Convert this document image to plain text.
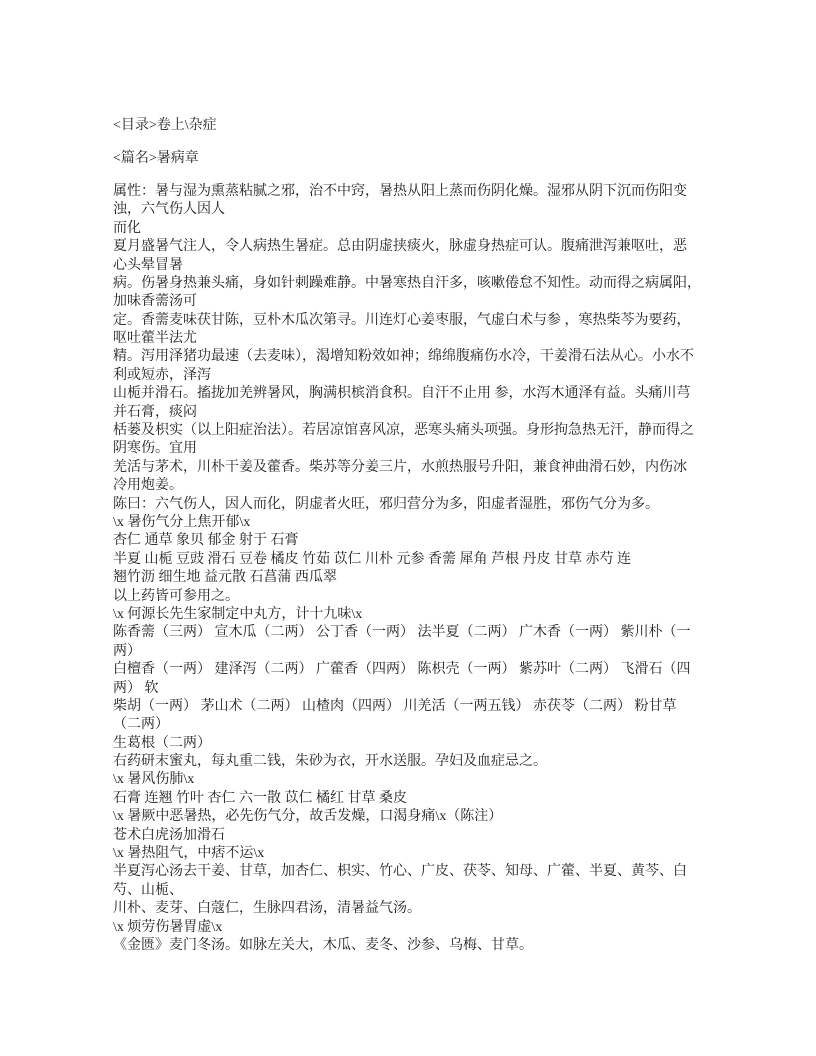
<目录>卷上\杂症
<篇名>暑病章
属性：暑与湿为熏蒸粘腻之邪，治不中窍，暑热从阳上蒸而伤阴化燥。湿邪从阴下沉而伤阳变
浊，六气伤人因人
而化
夏月盛暑气注人，令人病热生暑症。总由阴虚挟痰火，脉虚身热症可认。腹痛泄泻兼呕吐，恶
心头晕冒暑
病。伤暑身热兼头痛，身如针刺躁难静。中暑寒热自汗多，咳嗽倦怠不知性。动而得之病属阳，
加味香薷汤可
定。香薷麦味茯甘陈，豆朴木瓜次第寻。川连灯心姜枣服，气虚白术与参 ，寒热柴芩为要药，
呕吐藿半法尤
精。泻用泽猪功最速（去麦味），渴增知粉效如神；绵绵腹痛伤水冷，干姜滑石法从心。小水不
利或短赤，泽泻
山栀并滑石。搐拢加羌辨暑风，胸满枳槟消食积。自汗不止用 参，水泻木通泽有益。头痛川芎
并石膏，痰闷
栝蒌及枳实（以上阳症治法）。若居凉馆喜风凉，恶寒头痛头项强。身形拘急热无汗，静而得之
阴寒伤。宜用
羌活与茅术，川朴干姜及藿香。柴苏等分姜三片，水煎热服号升阳，兼食神曲滑石妙，内伤冰
冷用炮姜。
陈曰：六气伤人，因人而化，阴虚者火旺，邪归营分为多，阳虚者湿胜，邪伤气分为多。
\x 暑伤气分上焦开郁\x
杏仁 通草 象贝 郁金 射于 石膏
半夏 山栀 豆豉 滑石 豆卷 橘皮 竹茹 苡仁 川朴 元参 香薷 犀角 芦根 丹皮 甘草 赤芍 连
翘竹沥 细生地 益元散 石菖蒲 西瓜翠
以上药皆可参用之。
\x 何源长先生家制定中丸方，计十九味\x
陈香薷（三两） 宣木瓜（二两） 公丁香（一两） 法半夏（二两） 广木香（一两） 紫川朴（一
两）
白檀香（一两） 建泽泻（二两） 广藿香（四两） 陈枳壳（一两） 紫苏叶（二两） 飞滑石（四
两） 软
柴胡（一两） 茅山术（二两） 山楂肉（四两） 川羌活（一两五钱） 赤茯苓（二两） 粉甘草
（二两）
生葛根（二两）
右药研末蜜丸，每丸重二钱，朱砂为衣，开水送服。孕妇及血症忌之。
\x 暑风伤肺\x
石膏 连翘 竹叶 杏仁 六一散 苡仁 橘红 甘草 桑皮
\x 暑厥中恶暑热，必先伤气分，故舌发燥，口渴身痛\x（陈注）
苍术白虎汤加滑石
\x 暑热阻气，中痞不运\x
半夏泻心汤去干姜、甘草，加杏仁、枳实、竹心、广皮、茯苓、知母、广藿、半夏、黄芩、白
芍、山栀、
川朴、麦芽、白蔻仁，生脉四君汤，清暑益气汤。
\x 烦劳伤暑胃虚\x
《金匮》麦门冬汤。如脉左关大，木瓜、麦冬、沙参、乌梅、甘草。
